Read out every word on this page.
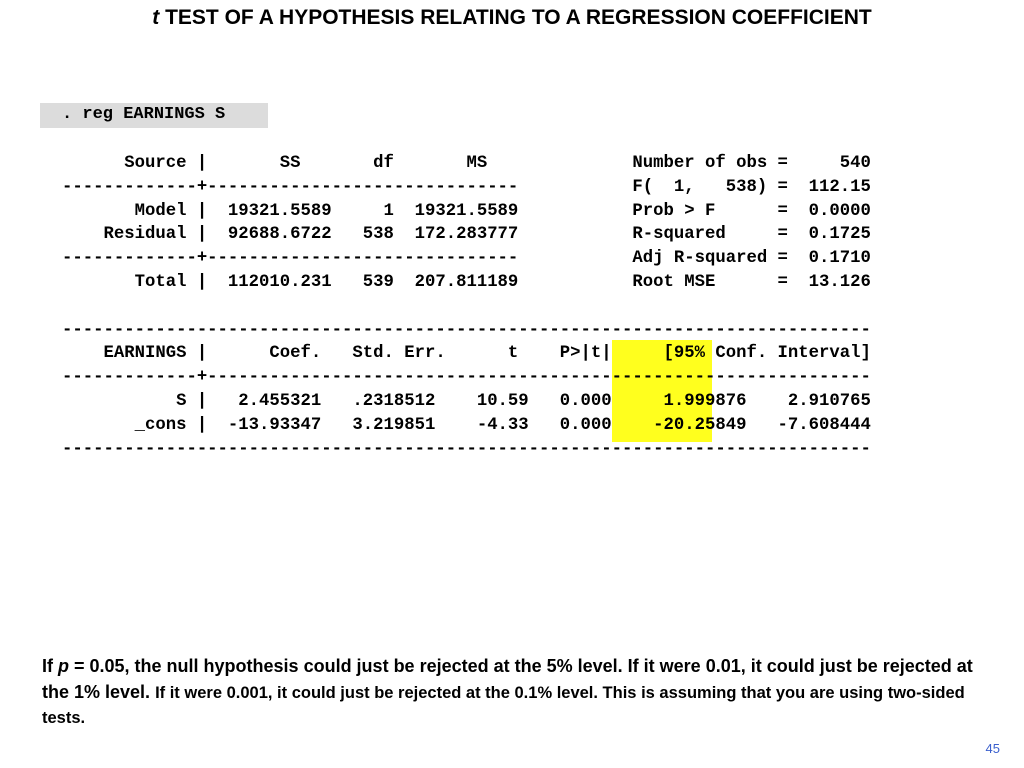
t TEST OF A HYPOTHESIS RELATING TO A REGRESSION COEFFICIENT
. reg EARNINGS S
Source |       SS       df       MS              Number of obs =     540
-------------+------------------------------           F(  1,   538) =  112.15
Model |  19321.5589     1  19321.5589           Prob > F      =  0.0000
Residual |  92688.6722   538  172.283777           R-squared     =  0.1725
-------------+------------------------------           Adj R-squared =  0.1710
Total |  112010.231   539  207.811189           Root MSE      =  13.126
------------------------------------------------------------------------------
EARNINGS |      Coef.   Std. Err.      t    P>|t|     [95% Conf. Interval]
-------------+----------------------------------------------------------------
S |   2.455321   .2318512    10.59   0.000     1.999876    2.910765
_cons |  -13.93347   3.219851    -4.33   0.000    -20.25849   -7.608444
------------------------------------------------------------------------------
If p = 0.05, the null hypothesis could just be rejected at the 5% level. If it were 0.01, it could just be rejected at the 1% level. If it were 0.001, it could just be rejected at the 0.1% level. This is assuming that you are using two-sided tests.
45
